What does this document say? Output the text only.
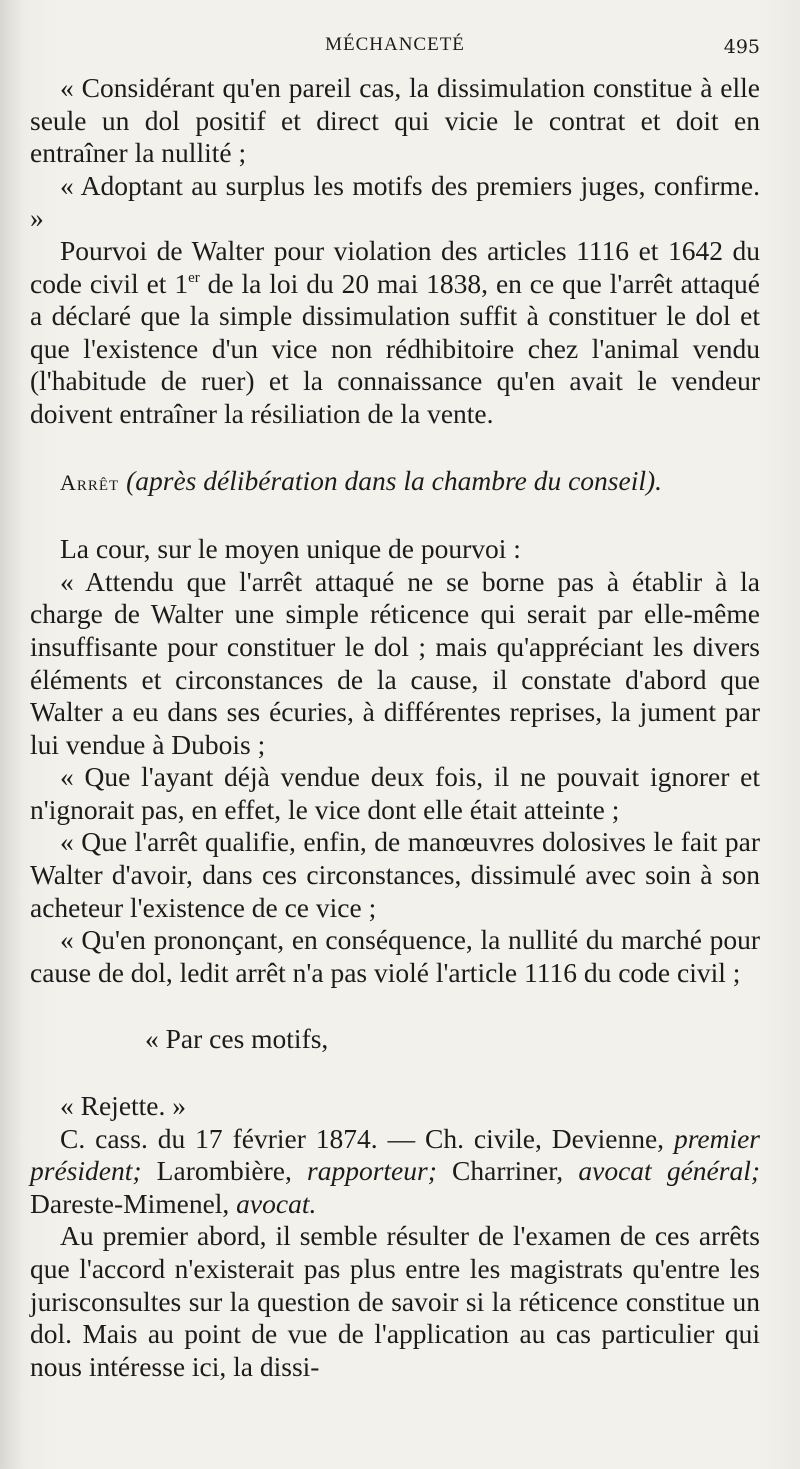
MÉCHANCETÉ	495

« Considérant qu'en pareil cas, la dissimulation constitue à elle seule un dol positif et direct qui vicie le contrat et doit en entraîner la nullité ;

« Adoptant au surplus les motifs des premiers juges, confirme. »

Pourvoi de Walter pour violation des articles 1116 et 1642 du code civil et 1er de la loi du 20 mai 1838, en ce que l'arrêt attaqué a déclaré que la simple dissimulation suffit à constituer le dol et que l'existence d'un vice non rédhibitoire chez l'animal vendu (l'habitude de ruer) et la connaissance qu'en avait le vendeur doivent entraîner la résiliation de la vente.

Arrêt (après délibération dans la chambre du conseil).

La cour, sur le moyen unique de pourvoi :

« Attendu que l'arrêt attaqué ne se borne pas à établir à la charge de Walter une simple réticence qui serait par elle-même insuffisante pour constituer le dol ; mais qu'appréciant les divers éléments et circonstances de la cause, il constate d'abord que Walter a eu dans ses écuries, à différentes reprises, la jument par lui vendue à Dubois ;

« Que l'ayant déjà vendue deux fois, il ne pouvait ignorer et n'ignorait pas, en effet, le vice dont elle était atteinte ;

« Que l'arrêt qualifie, enfin, de manœuvres dolosives le fait par Walter d'avoir, dans ces circonstances, dissimulé avec soin à son acheteur l'existence de ce vice ;

« Qu'en prononçant, en conséquence, la nullité du marché pour cause de dol, ledit arrêt n'a pas violé l'article 1116 du code civil ;

« Par ces motifs,

« Rejette. »

C. cass. du 17 février 1874. — Ch. civile, Devienne, premier président; Larombière, rapporteur; Charriner, avocat général; Dareste-Mimenel, avocat.

Au premier abord, il semble résulter de l'examen de ces arrêts que l'accord n'existerait pas plus entre les magistrats qu'entre les jurisconsultes sur la question de savoir si la réticence constitue un dol. Mais au point de vue de l'application au cas particulier qui nous intéresse ici, la dissi-
